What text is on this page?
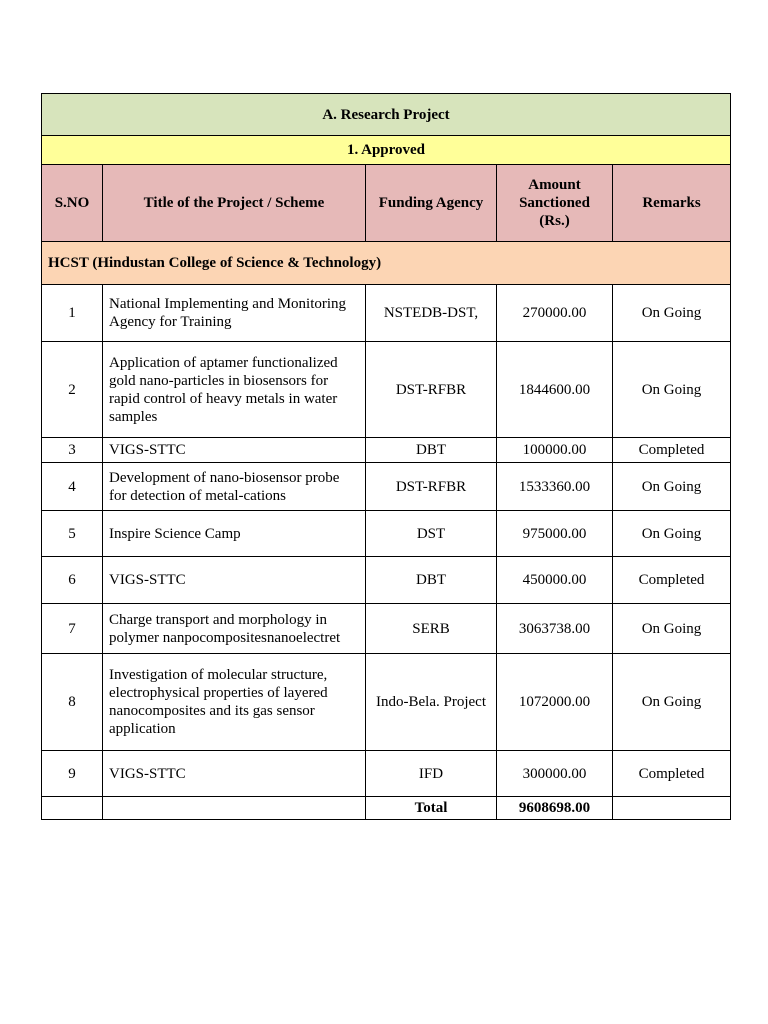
A. Research Project				
1. Approved				
S.NO	Title of the Project / Scheme	Funding Agency	Amount Sanctioned (Rs.)	Remarks
HCST (Hindustan College of Science & Technology)				
1	National Implementing and Monitoring Agency for Training	NSTEDB-DST,	270000.00	On Going
2	Application of aptamer functionalized gold nano-particles in biosensors for rapid control of heavy metals in water samples	DST-RFBR	1844600.00	On Going
3	VIGS-STTC	DBT	100000.00	Completed
4	Development of nano-biosensor probe for detection of metal-cations	DST-RFBR	1533360.00	On Going
5	Inspire Science Camp	DST	975000.00	On Going
6	VIGS-STTC	DBT	450000.00	Completed
7	Charge transport and morphology in polymer nanpocompositesnanoelectret	SERB	3063738.00	On Going
8	Investigation of molecular structure, electrophysical properties of layered nanocomposites and its gas sensor application	Indo-Bela. Project	1072000.00	On Going
9	VIGS-STTC	IFD	300000.00	Completed
		Total	9608698.00	
